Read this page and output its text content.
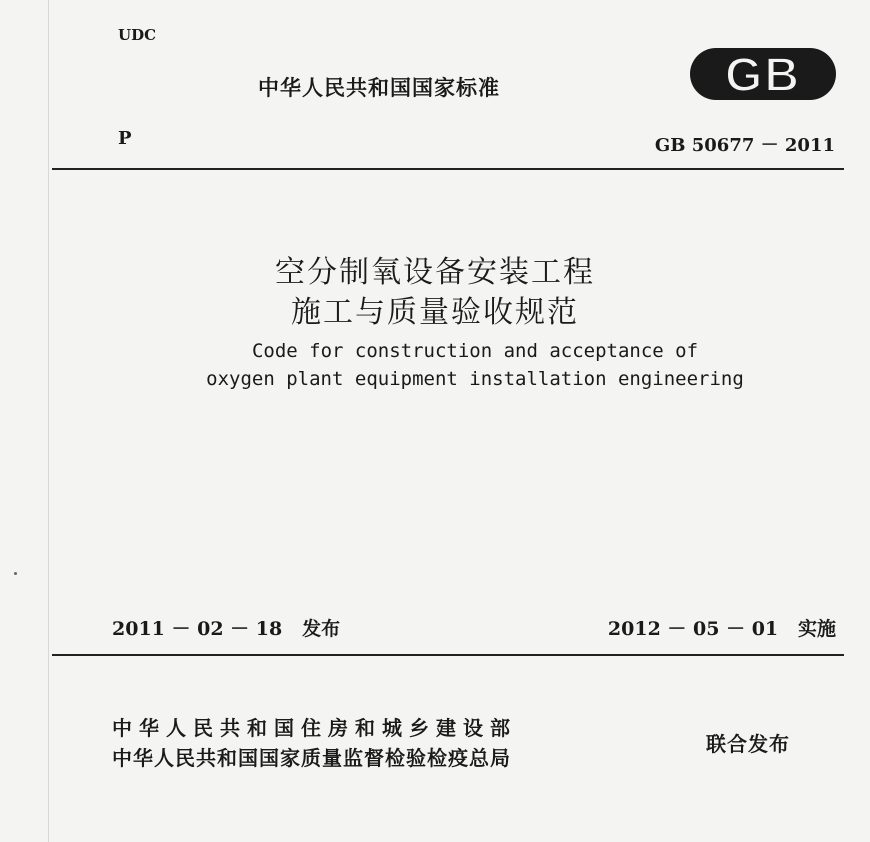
UDC
中华人民共和国国家标准	GB
P	GB 50677 － 2011
空分制氧设备安装工程
施工与质量验收规范
Code for construction and acceptance of
oxygen plant equipment installation engineering
2011 － 02 － 18   发布	2012 － 05 － 01   实施
中华人民共和国住房和城乡建设部
中华人民共和国国家质量监督检验检疫总局
联合发布
